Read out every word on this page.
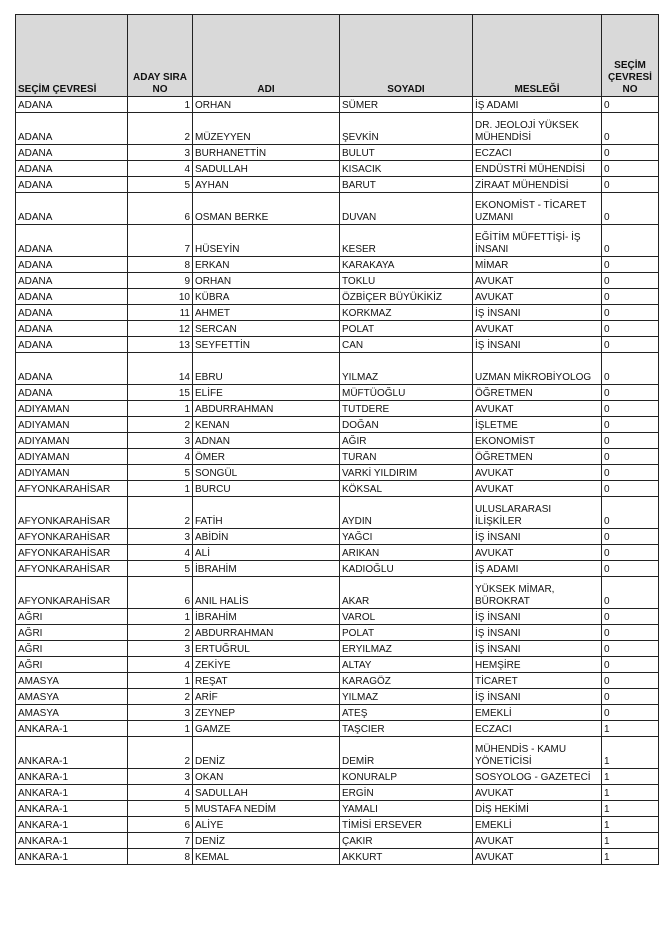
SEÇİM ÇEVRESİ	ADAY SIRA NO	ADI	SOYADI	MESLEĞİ	SEÇİM ÇEVRESİ NO
ADANA	1	ORHAN	SÜMER	İŞ ADAMI	0
ADANA	2	MÜZEYYEN	ŞEVKİN	DR. JEOLOJİ YÜKSEK MÜHENDİSİ	0
ADANA	3	BURHANETTİN	BULUT	ECZACI	0
ADANA	4	SADULLAH	KISACIK	ENDÜSTRİ MÜHENDİSİ	0
ADANA	5	AYHAN	BARUT	ZİRAAT MÜHENDİSİ	0
ADANA	6	OSMAN BERKE	DUVAN	EKONOMİST - TİCARET UZMANI	0
ADANA	7	HÜSEYİN	KESER	EĞİTİM MÜFETTİŞİ- İŞ İNSANI	0
ADANA	8	ERKAN	KARAKAYA	MİMAR	0
ADANA	9	ORHAN	TOKLU	AVUKAT	0
ADANA	10	KÜBRA	ÖZBİÇER BÜYÜKİKİZ	AVUKAT	0
ADANA	11	AHMET	KORKMAZ	İŞ İNSANI	0
ADANA	12	SERCAN	POLAT	AVUKAT	0
ADANA	13	SEYFETTİN	CAN	İŞ İNSANI	0
ADANA	14	EBRU	YILMAZ	UZMAN MİKROBİYOLOG	0
ADANA	15	ELİFE	MÜFTÜOĞLU	ÖĞRETMEN	0
ADIYAMAN	1	ABDURRAHMAN	TUTDERE	AVUKAT	0
ADIYAMAN	2	KENAN	DOĞAN	İŞLETME	0
ADIYAMAN	3	ADNAN	AĞIR	EKONOMİST	0
ADIYAMAN	4	ÖMER	TURAN	ÖĞRETMEN	0
ADIYAMAN	5	SONGÜL	VARKİ YILDIRIM	AVUKAT	0
AFYONKARAHİSAR	1	BURCU	KÖKSAL	AVUKAT	0
AFYONKARAHİSAR	2	FATİH	AYDIN	ULUSLARARASI İLİŞKİLER	0
AFYONKARAHİSAR	3	ABİDİN	YAĞCI	İŞ İNSANI	0
AFYONKARAHİSAR	4	ALİ	ARIKAN	AVUKAT	0
AFYONKARAHİSAR	5	İBRAHİM	KADIOĞLU	İŞ ADAMI	0
AFYONKARAHİSAR	6	ANIL HALİS	AKAR	YÜKSEK MİMAR, BÜROKRAT	0
AĞRI	1	İBRAHİM	VAROL	İŞ İNSANI	0
AĞRI	2	ABDURRAHMAN	POLAT	İŞ İNSANI	0
AĞRI	3	ERTUĞRUL	ERYILMAZ	İŞ İNSANI	0
AĞRI	4	ZEKİYE	ALTAY	HEMŞİRE	0
AMASYA	1	REŞAT	KARAGÖZ	TİCARET	0
AMASYA	2	ARİF	YILMAZ	İŞ İNSANI	0
AMASYA	3	ZEYNEP	ATEŞ	EMEKLİ	0
ANKARA-1	1	GAMZE	TAŞCIER	ECZACI	1
ANKARA-1	2	DENİZ	DEMİR	MÜHENDİS - KAMU YÖNETİCİSİ	1
ANKARA-1	3	OKAN	KONURALP	SOSYOLOG - GAZETECİ	1
ANKARA-1	4	SADULLAH	ERGİN	AVUKAT	1
ANKARA-1	5	MUSTAFA NEDİM	YAMALI	DİŞ HEKİMİ	1
ANKARA-1	6	ALİYE	TİMİSİ ERSEVER	EMEKLİ	1
ANKARA-1	7	DENİZ	ÇAKIR	AVUKAT	1
ANKARA-1	8	KEMAL	AKKURT	AVUKAT	1
